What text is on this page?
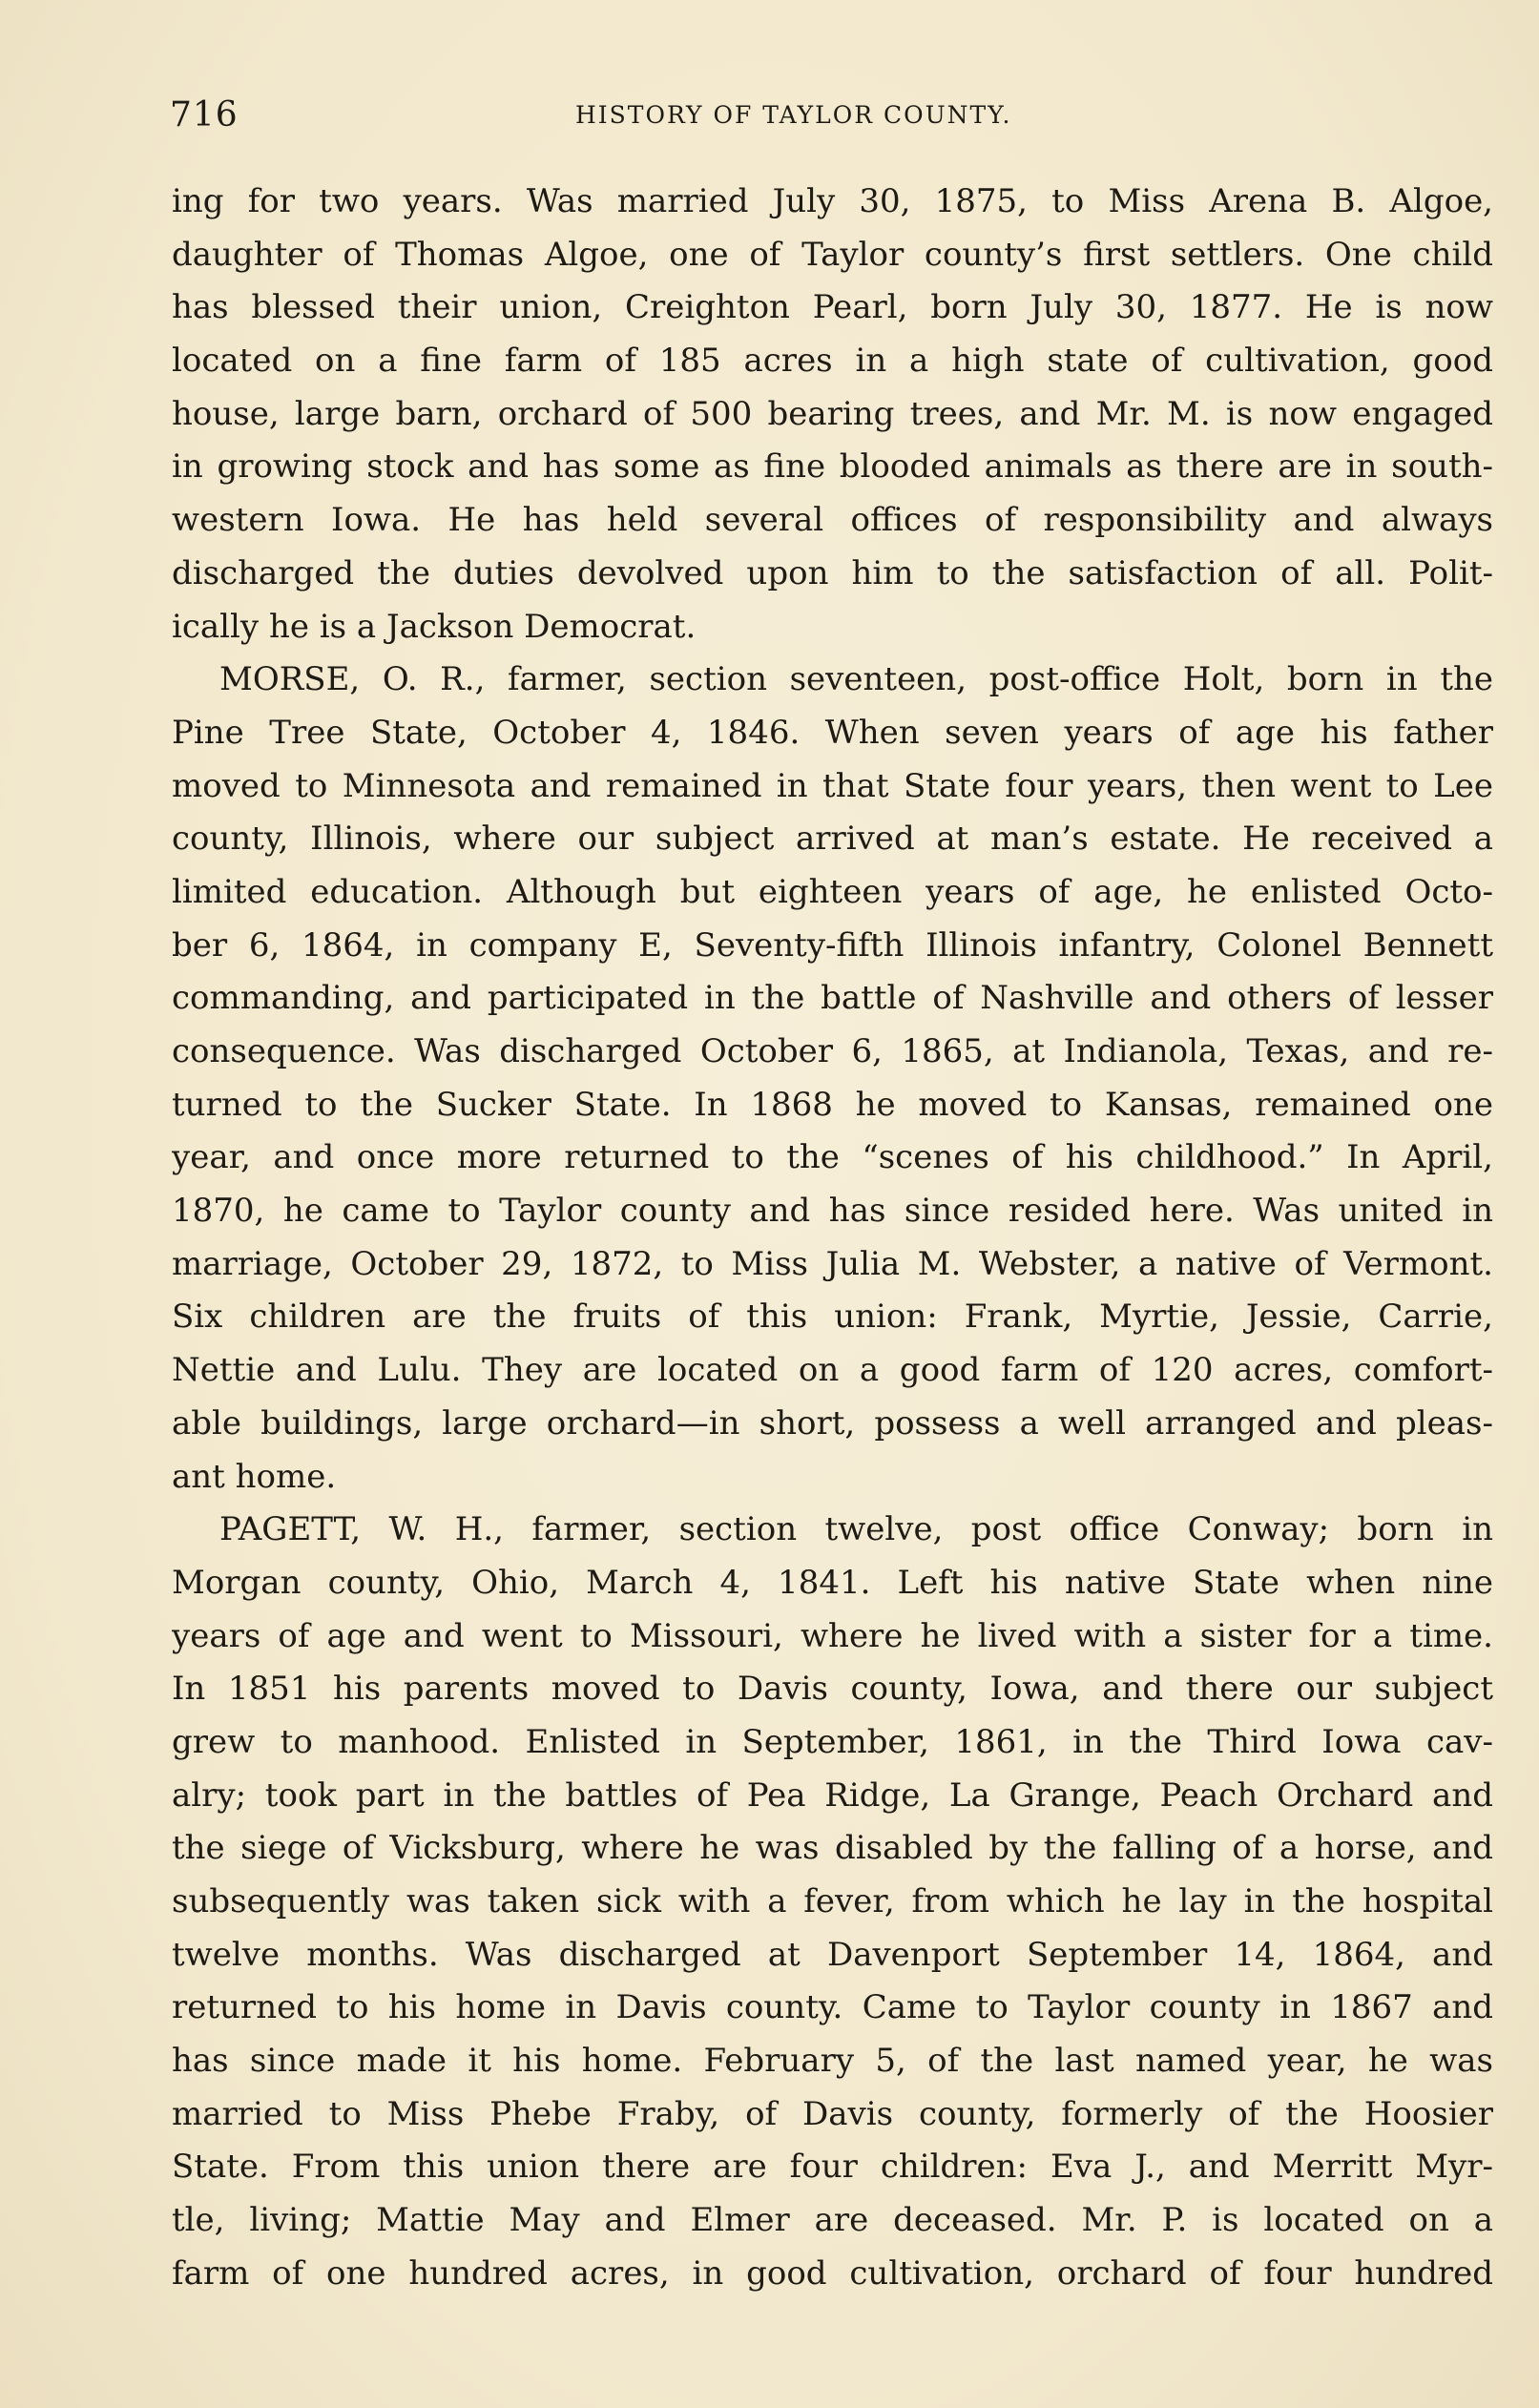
716	HISTORY OF TAYLOR COUNTY.
ing for two years. Was married July 30, 1875, to Miss Arena B. Algoe,
daughter of Thomas Algoe, one of Taylor county’s first settlers. One child
has blessed their union, Creighton Pearl, born July 30, 1877. He is now
located on a fine farm of 185 acres in a high state of cultivation, good
house, large barn, orchard of 500 bearing trees, and Mr. M. is now engaged
in growing stock and has some as fine blooded animals as there are in south-
western Iowa. He has held several offices of responsibility and always
discharged the duties devolved upon him to the satisfaction of all. Polit-
ically he is a Jackson Democrat.
MORSE, O. R., farmer, section seventeen, post-office Holt, born in the
Pine Tree State, October 4, 1846. When seven years of age his father
moved to Minnesota and remained in that State four years, then went to Lee
county, Illinois, where our subject arrived at man’s estate. He received a
limited education. Although but eighteen years of age, he enlisted Octo-
ber 6, 1864, in company E, Seventy-fifth Illinois infantry, Colonel Bennett
commanding, and participated in the battle of Nashville and others of lesser
consequence. Was discharged October 6, 1865, at Indianola, Texas, and re-
turned to the Sucker State. In 1868 he moved to Kansas, remained one
year, and once more returned to the “scenes of his childhood.” In April,
1870, he came to Taylor county and has since resided here. Was united in
marriage, October 29, 1872, to Miss Julia M. Webster, a native of Vermont.
Six children are the fruits of this union: Frank, Myrtie, Jessie, Carrie,
Nettie and Lulu. They are located on a good farm of 120 acres, comfort-
able buildings, large orchard—in short, possess a well arranged and pleas-
ant home.
PAGETT, W. H., farmer, section twelve, post office Conway; born in
Morgan county, Ohio, March 4, 1841. Left his native State when nine
years of age and went to Missouri, where he lived with a sister for a time.
In 1851 his parents moved to Davis county, Iowa, and there our subject
grew to manhood. Enlisted in September, 1861, in the Third Iowa cav-
alry; took part in the battles of Pea Ridge, La Grange, Peach Orchard and
the siege of Vicksburg, where he was disabled by the falling of a horse, and
subsequently was taken sick with a fever, from which he lay in the hospital
twelve months. Was discharged at Davenport September 14, 1864, and
returned to his home in Davis county. Came to Taylor county in 1867 and
has since made it his home. February 5, of the last named year, he was
married to Miss Phebe Fraby, of Davis county, formerly of the Hoosier
State. From this union there are four children: Eva J., and Merritt Myr-
tle, living; Mattie May and Elmer are deceased. Mr. P. is located on a
farm of one hundred acres, in good cultivation, orchard of four hundred
